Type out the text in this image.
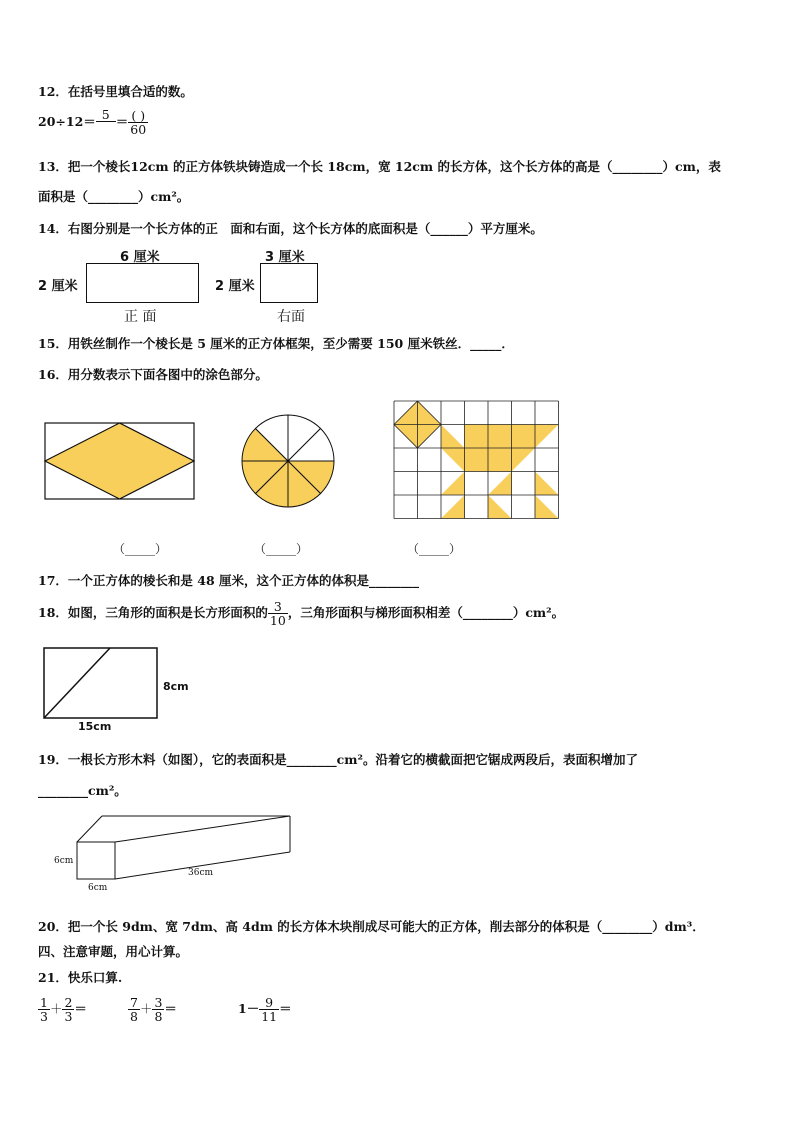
12．在括号里填合适的数。
$20\div 12= 5 = \frac{( )}{60}$
13．把一个棱长12cm 的正方体铁块铸造成一个长 18cm，宽 12cm 的长方体，这个长方体的高是（________）cm，表
面积是（________）cm²。
14．右图分别是一个长方体的正　面和右面，这个长方体的底面积是（______）平方厘米。
6 厘米
2 厘米
正 面
3 厘米
2 厘米
右面
15．用铁丝制作一个棱长是 5 厘米的正方体框架，至少需要 150 厘米铁丝．_____．
16．用分数表示下面各图中的涂色部分。
（_____）	（_____）	（_____）
17．一个正方体的棱长和是 48 厘米，这个正方体的体积是________
18．如图，三角形的面积是长方形面积的 $\frac{3}{10}$ ，三角形面积与梯形面积相差（________）cm²。
8cm
15cm
19．一根长方形木料（如图），它的表面积是________cm²。沿着它的横截面把它锯成两段后，表面积增加了
________cm²。
6cm
6cm
36cm
20．把一个长 9dm、宽 7dm、高 4dm 的长方体木块削成尽可能大的正方体，削去部分的体积是（________）dm³．
四、注意审题，用心计算。
21．快乐口算.
$\frac{1}{3} + \frac{2}{3}$ ＝	$\frac{7}{8} + \frac{3}{8}$ ＝	$1- \frac{9}{11}$ ＝
